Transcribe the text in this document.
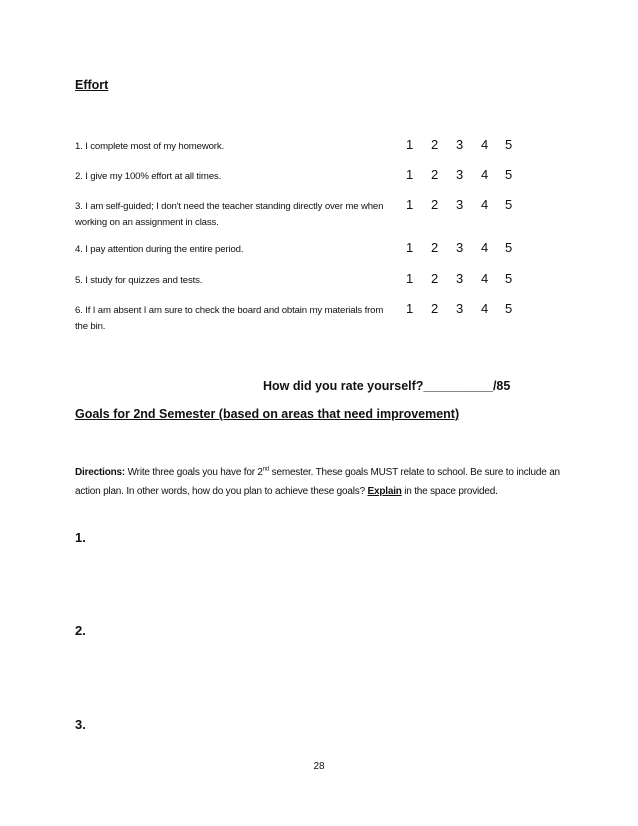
Effort
1. I complete most of my homework.	1 2 3 4 5
2. I give my 100% effort at all times.	1 2 3 4 5
3. I am self-guided; I don't need the teacher standing directly over me when working on an assignment in class.
1 2 3 4 5
4. I pay attention during the entire period.	1 2 3 4 5
5. I study for quizzes and tests.	1 2 3 4 5
6. If I am absent I am sure to check the board and obtain my materials from the bin.
1 2 3 4 5
How did you rate yourself?__________/85
Goals for 2nd Semester (based on areas that need improvement)
Directions: Write three goals you have for 2nd semester. These goals MUST relate to school. Be sure to include an action plan. In other words, how do you plan to achieve these goals? Explain in the space provided.
1.
2.
3.
28
